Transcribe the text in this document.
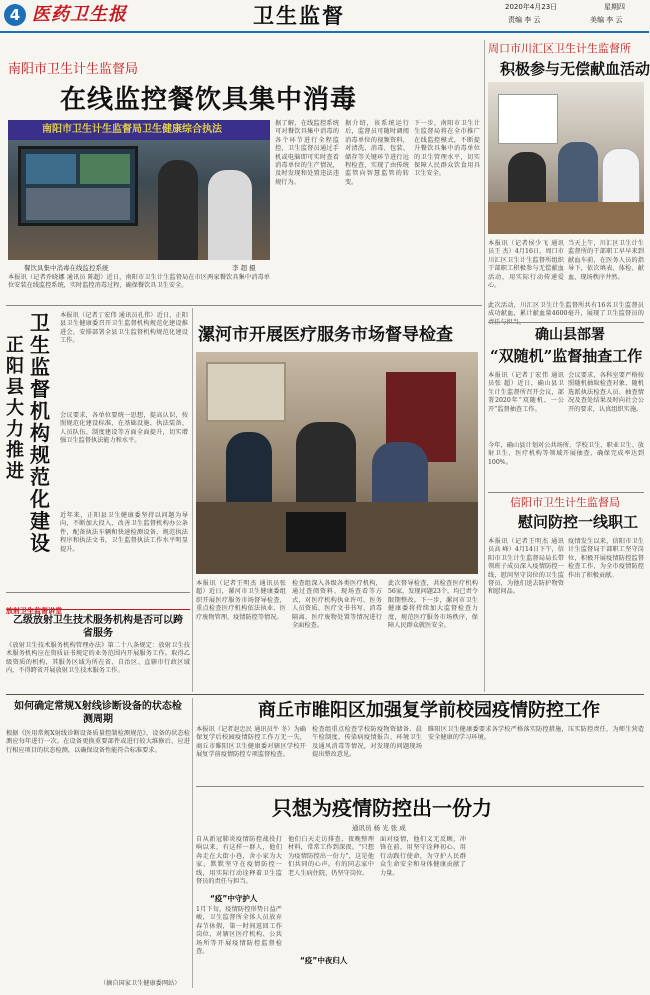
4 医药卫生报	卫生监督	2020年4月23日	星期四
责编 李 云	美编 李 云
南阳市卫生计生监督局
在线监控餐饮具集中消毒
南阳市卫生计生监督局卫生健康综合执法
餐饮具集中消毒在线监控系统	李 超 摄
本报讯（记者乔晓娜 通讯员 陈超）近日，南阳市卫生计生监督局在市区两家餐饮具集中消毒单位安装在线监控系统，实时监控消毒过程，确保餐饮具卫生安全。
据了解，在线监控系统可对餐饮具集中消毒的各个环节进行全程监控，卫生监督员通过手机或电脑即可实时查看消毒单位的生产情况，及时发现和处置违法违规行为。
据介绍，该系统运行后，监督员可随时调阅消毒单位的视频资料，对清洗、消毒、包装、储存等关键环节进行远程检查，实现了由传统监管向智慧监管的转变。
下一步，南阳市卫生计生监督局将在全市推广在线监控模式，不断提升餐饮具集中消毒单位的卫生管理水平，切实保障人民群众饮食用具卫生安全。
正阳县大力推进
卫生监督机构规范化建设
本报讯（记者丁宏伟 通讯员孔伟）近日，正阳县卫生健康委召开卫生监督机构规范化建设推进会，安排部署全县卫生监督机构规范化建设工作。
会议要求，各单位要统一思想，提高认识，按照规范化建设标准，在基础设施、执法装备、人员队伍、制度建设等方面全面提升，切实增强卫生监督执法能力和水平。
近年来，正阳县卫生健康委坚持以问题为导向，不断加大投入，改善卫生监督机构办公条件，配备执法车辆和快速检测设备，规范执法程序和执法文书，卫生监督执法工作水平明显提升。
漯河市开展医疗服务市场督导检查
本报讯（记者王明杰 通讯员张超）近日，漯河市卫生健康委组织开展医疗服务市场督导检查，重点检查医疗机构依法执业、医疗废物管理、疫情防控等情况。
检查组深入各级各类医疗机构，通过查阅资料、现场查看等方式，对医疗机构执业许可、医务人员资质、医疗文书书写、消毒隔离、医疗废物处置等情况进行全面检查。
此次督导检查，共检查医疗机构56家，发现问题23个，均已责令限期整改。下一步，漯河市卫生健康委将持续加大监督检查力度，规范医疗服务市场秩序，保障人民群众就医安全。
周口市川汇区卫生计生监督所
积极参与无偿献血活动
本报讯（记者侯少飞 通讯员王 杰）4月16日，周口市川汇区卫生计生监督所组织干部职工积极参与无偿献血活动，用实际行动传递爱心。
当天上午，川汇区卫生计生监督所的干部职工早早来到献血车前，在医务人员的指导下，依次填表、体检、献血，现场秩序井然。
此次活动，川汇区卫生计生监督所共有16名卫生监督员成功献血，累计献血量4600毫升，展现了卫生监督员的
确山县部署
“双随机”监督抽查工作
本报讯（记者丁宏伟 通讯员张 超）近日，确山县卫生计生监督所召开会议，部署2020年“双随机、一公开”监督抽查工作。
会议要求，各科室要严格按照随机抽取检查对象、随机选派执法检查人员、抽查情况及查处结果及时向社会公开的要求，认真组织实施。
今年，确山县计划对公共场所、学校卫生、职业卫生、放射卫生、医疗机构等领域开展抽查，确保完成率达到100%。
信阳市卫生计生监督局
慰问防控一线职工
本报讯（记者王明杰 通讯员高 峰）4月14日下午，信阳市卫生计生监督局局长带领班子成员深入疫情防控一线，慰问坚守岗位的卫生监督员，为他们送去防护物资和慰问品。
疫情发生以来，信阳市卫生计生监督局干部职工坚守岗位，积极开展疫情防控监督检查工作，为全市疫情防控作出了积极贡献。
放射卫生监督讲堂
乙级放射卫生技术服务机构是否可以跨省服务
《放射卫生技术服务机构管理办法》第二十八条规定：放射卫生技术服务机构应在资质证书规定的业务范围内开展服务工作。取得乙级资质的机构，其服务区域为所在省、自治区、直辖市行政区域内，不得跨省开展放射卫生技术服务工作。
如何确定常规X射线诊断设备的状态检测周期
根据《医用常规X射线诊断设备质量控制检测规范》，设备的状态检测应每年进行一次。在设备更换重要部件或进行较大维修后，应进行相应项目的状态检测，以确保设备性能符合标准要求。
（摘自国家卫生健康委网站）
商丘市睢阳区加强复学前校园疫情防控工作
本报讯（记者赵忠民 通讯员牛 冬）为确保复学后校园疫情防控工作万无一失，商丘市睢阳区卫生健康委对辖区学校开展复学前疫情防控专项监督检查。
检查组重点检查学校防疫物资储备、晨午检制度、传染病疫情报告、环境卫生及通风消毒等情况，对发现的问题现场提出整改意见。
睢阳区卫生健康委要求各学校严格落实防控措施，压实防控责任，为师生营造安全健康的学习环境。
只想为疫情防控出一份力
通讯员 杨 光 张 成
自从新冠肺炎疫情防控战役打响以来，有这样一群人，他们奔走在大街小巷，舍小家为大家，默默坚守在疫情防控一线，用实际行动诠释着卫生监督员的责任与担当。
“疫”中守护人
1月下旬，疫情防控形势日益严峻，卫生监督所全体人员放弃春节休假，第一时间返回工作岗位，对辖区医疗机构、公共场所等开展疫情防控监督检查。
“疫”中夜归人
他们白天走访排查，夜晚整理材料，常常工作到深夜。“只想为疫情防控出一份力”，这是他们共同的心声。有的同志家中老人生病住院，仍坚守岗位。
面对疫情，他们义无反顾，冲锋在前，用坚守诠释初心，用行动践行使命，为守护人民群众生命安全和身体健康贡献了力量。
